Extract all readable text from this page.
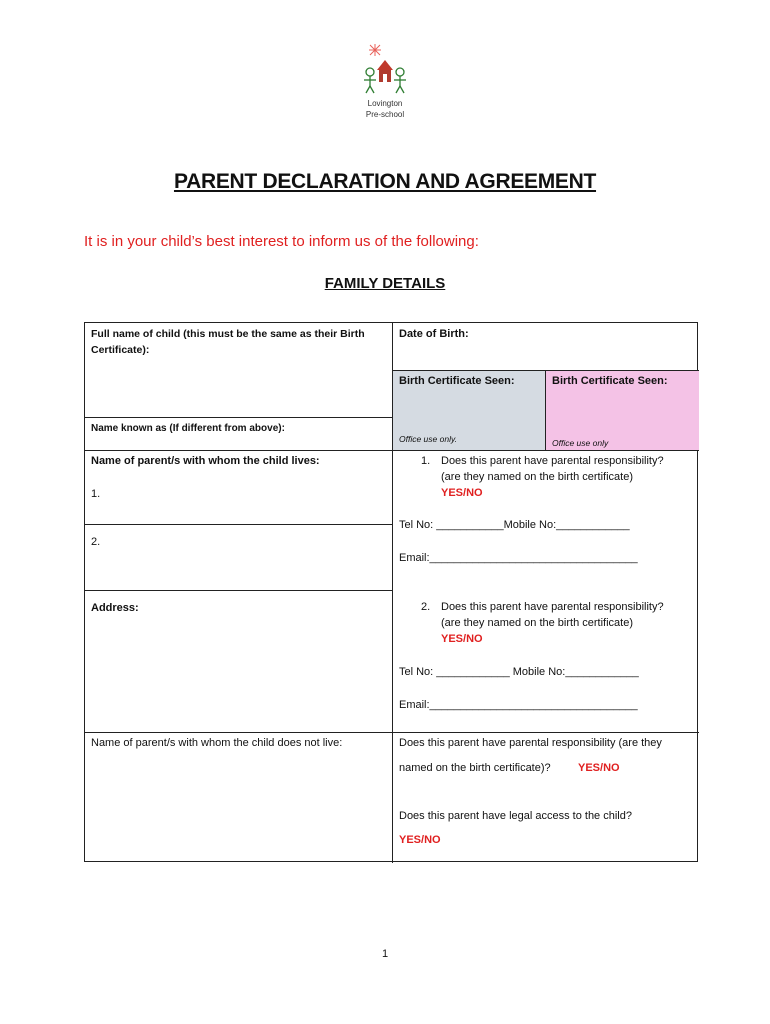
Lovington
Pre-school
PARENT DECLARATION AND AGREEMENT
It is in your child’s best interest to inform us of the following:
FAMILY DETAILS
Full name of child (this must be the same as their Birth Certificate):
Name known as (If different from above):
Name of parent/s with whom the child lives:
1.
2.
Address:
Name of parent/s with whom the child does not live:
Date of Birth:
Birth Certificate Seen:	Birth Certificate Seen:
Office use only.	Office use only
1. Does this parent have parental responsibility?
(are they named on the birth certificate)
YES/NO
Tel No: ___________Mobile No:____________
Email:__________________________________
2. Does this parent have parental responsibility?
(are they named on the birth certificate)
YES/NO
Tel No: ____________ Mobile No:____________
Email:__________________________________
Does this parent have parental responsibility (are they
named on the birth certificate)? YES/NO
Does this parent have legal access to the child?
YES/NO
1
